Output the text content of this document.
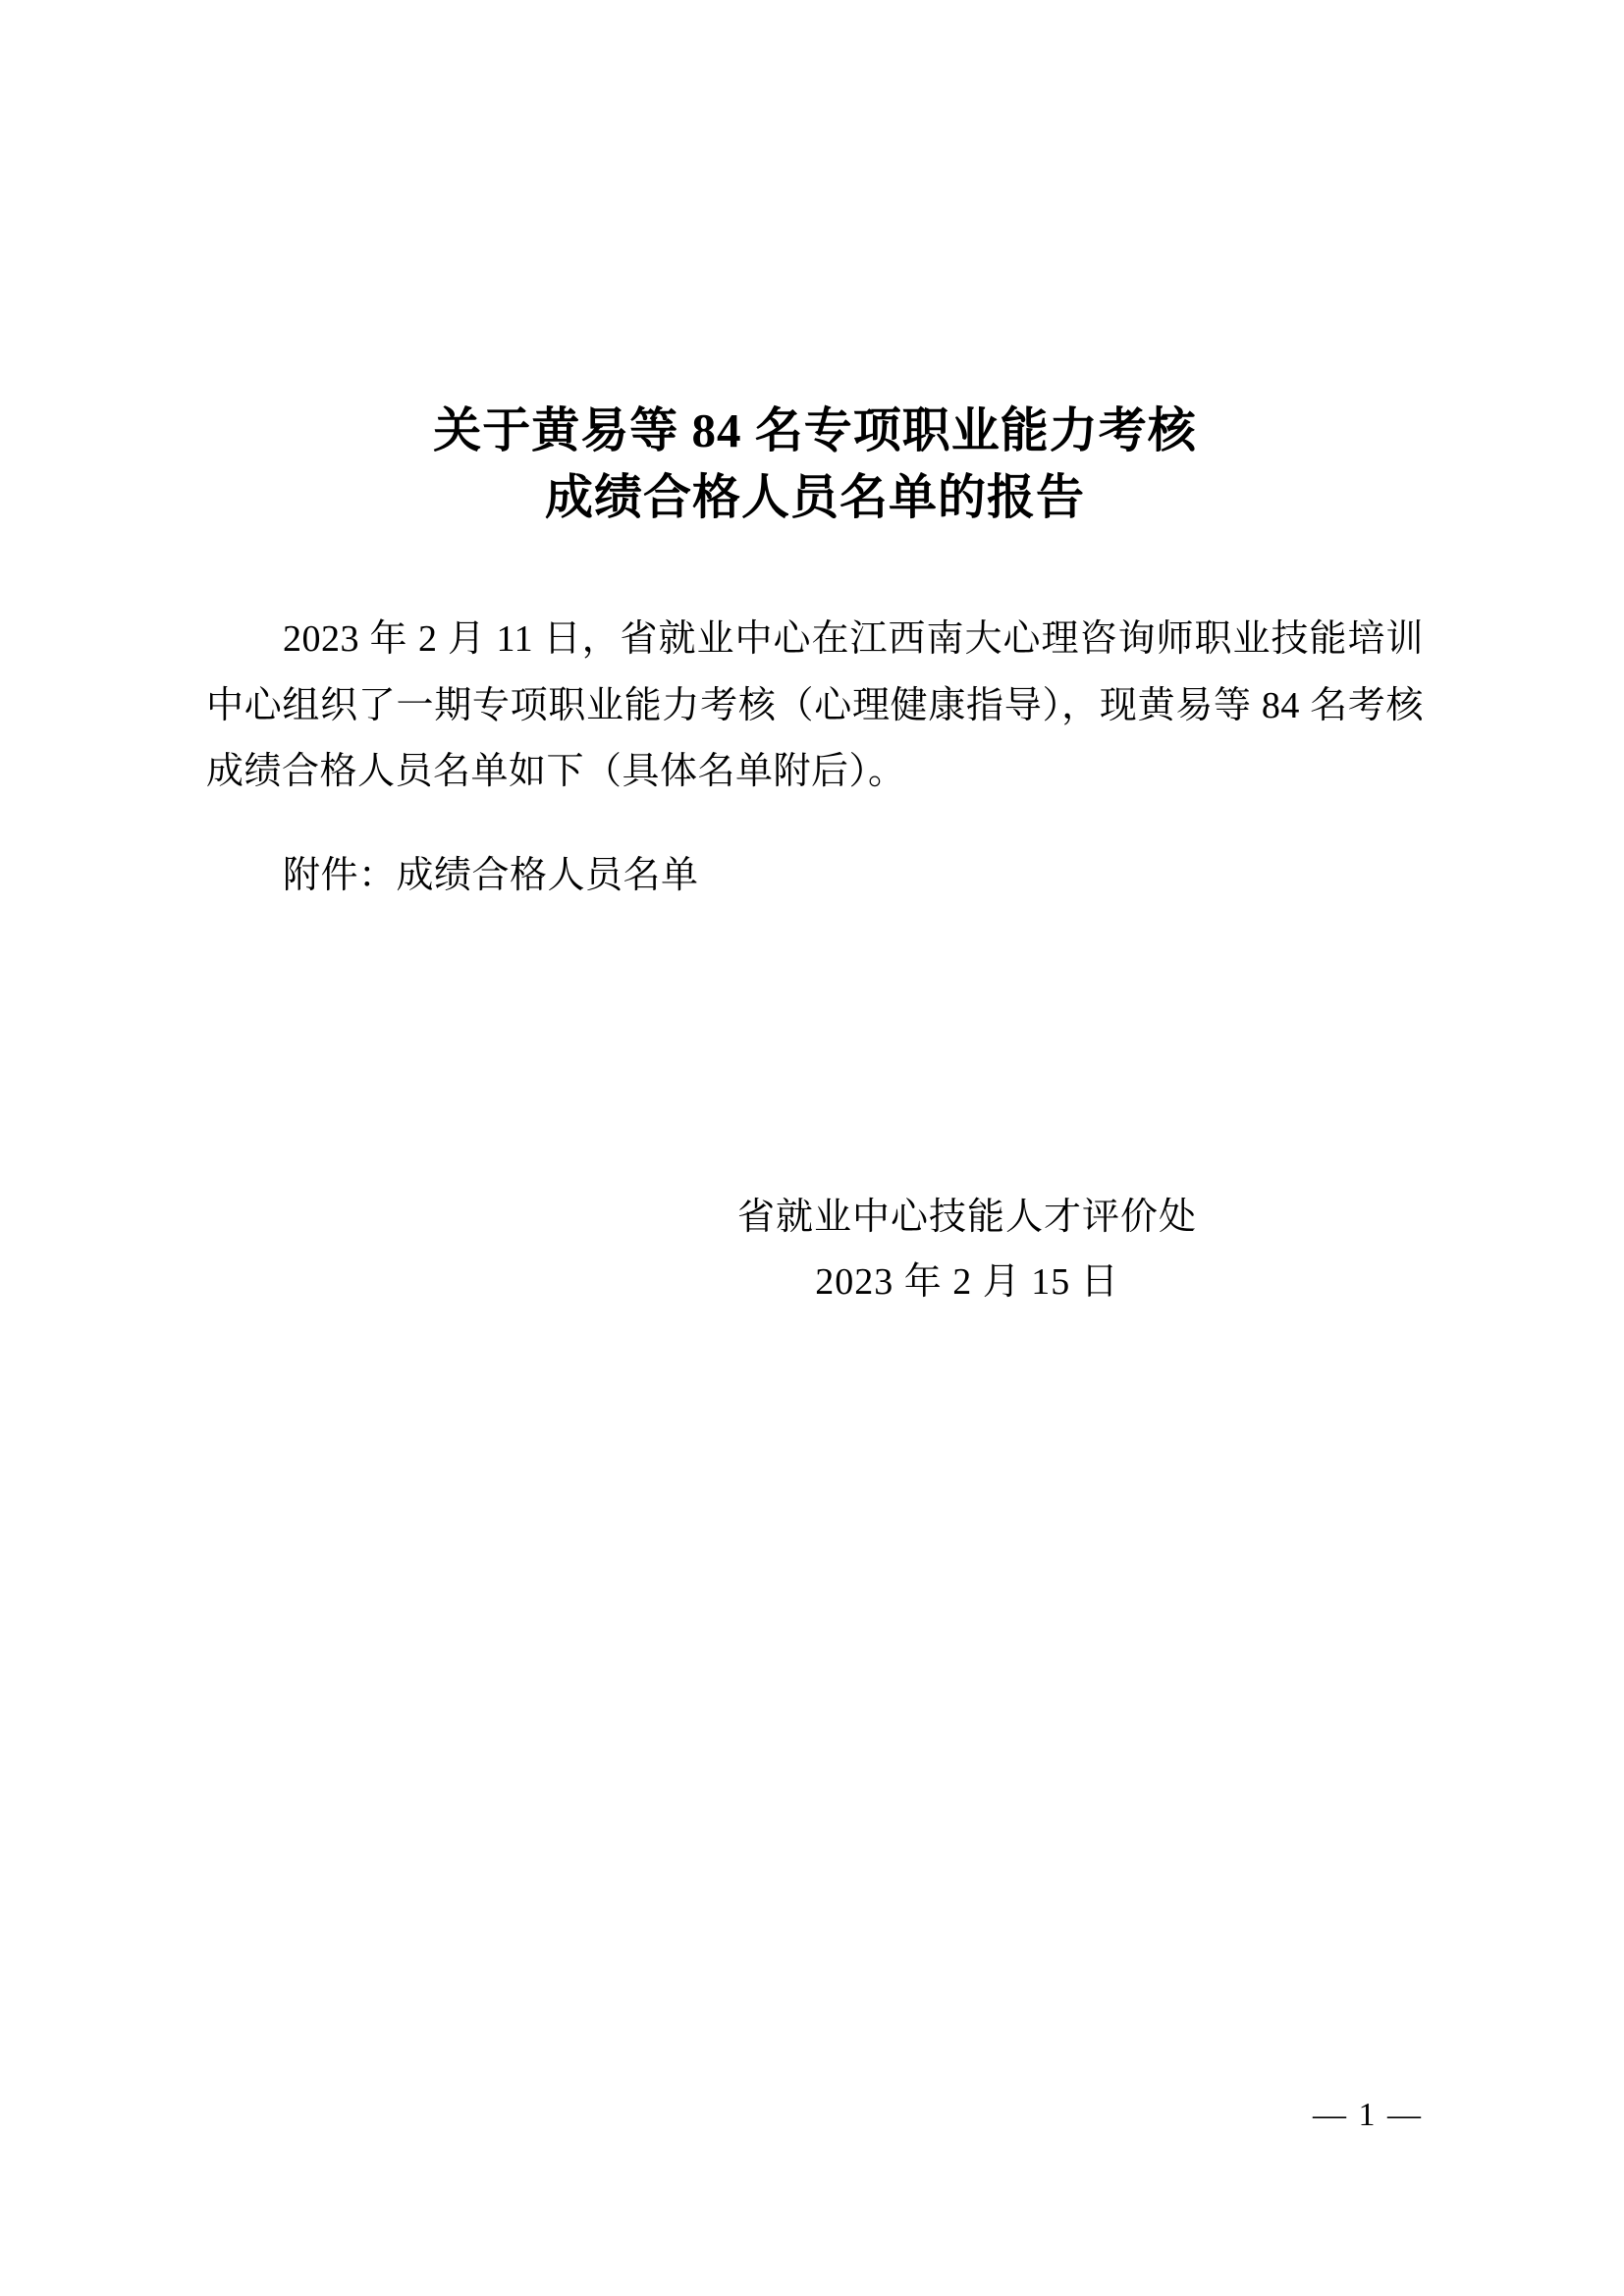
关于黄易等 84 名专项职业能力考核
成绩合格人员名单的报告

2023 年 2 月 11 日，省就业中心在江西南大心理咨询师职业技能培训中心组织了一期专项职业能力考核（心理健康指导），现黄易等 84 名考核成绩合格人员名单如下（具体名单附后）。

附件：成绩合格人员名单

省就业中心技能人才评价处
2023 年 2 月 15 日
— 1 —
